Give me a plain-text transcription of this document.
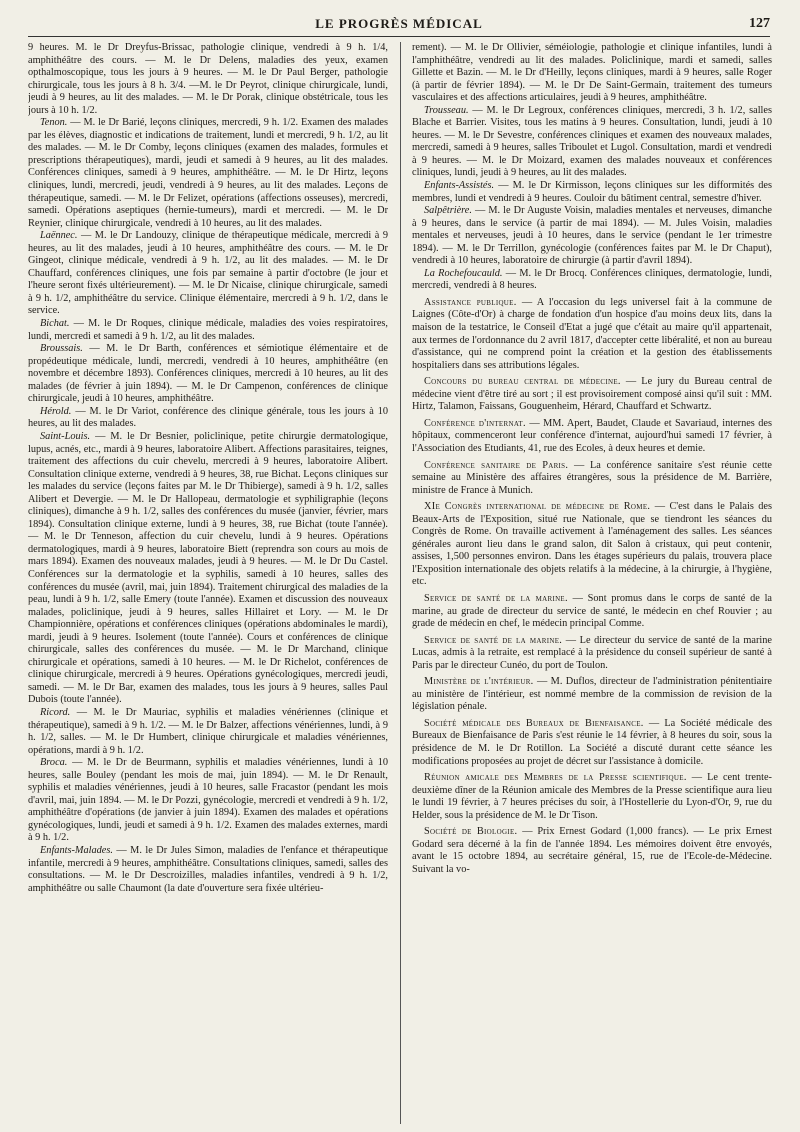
LE PROGRÈS MÉDICAL	127

9 heures. M. le Dr Dreyfus-Brissac, pathologie clinique, vendredi à 9 h. 1/4, amphithéâtre des cours. — M. le Dr Delens, maladies des yeux, examen opthalmoscopique, tous les jours à 9 heures. — M. le Dr Paul Berger, pathologie chirurgicale, tous les jours à 8 h. 3/4. —M. le Dr Peyrot, clinique chirurgicale, lundi, jeudi à 9 heures, au lit des malades. — M. le Dr Porak, clinique obstétricale, tous les jours à 10 h. 1/2.

Tenon. — M. le Dr Barié, leçons cliniques, mercredi, 9 h. 1/2. Examen des malades par les élèves, diagnostic et indications de traitement, lundi et mercredi, 9 h. 1/2, au lit des malades. — M. le Dr Comby, leçons cliniques (examen des malades, formules et prescriptions thérapeutiques), mardi, jeudi et samedi à 9 heures, au lit des malades. Conférences cliniques, samedi à 9 heures, amphithéâtre. — M. le Dr Hirtz, leçons cliniques, lundi, mercredi, jeudi, vendredi à 9 heures, au lit des malades. Leçons de thérapeutique, samedi. — M. le Dr Felizet, opérations (affections osseuses), mercredi, samedi. Opérations aseptiques (hernie-tumeurs), mardi et mercredi. — M. le Dr Reynier, clinique chirurgicale, vendredi à 10 heures, au lit des malades.

Laënnec. — M. le Dr Landouzy, clinique de thérapeutique médicale, mercredi à 9 heures, au lit des malades, jeudi à 10 heures, amphithéâtre des cours. — M. le Dr Gingeot, clinique médicale, vendredi à 9 h. 1/2, au lit des malades. — M. le Dr Chauffard, conférences cliniques, une fois par semaine à partir d'octobre (le jour et l'heure seront fixés ultérieurement). — M. le Dr Nicaise, clinique chirurgicale, samedi à 9 h. 1/2, amphithéâtre du service. Clinique élémentaire, mercredi à 9 h. 1/2, dans le service.

Bichat. — M. le Dr Roques, clinique médicale, maladies des voies respiratoires, lundi, mercredi et samedi à 9 h. 1/2, au lit des malades.

Broussais. — M. le Dr Barth, conférences et sémiotique élémentaire et de propédeutique médicale, lundi, mercredi, vendredi à 10 heures, amphithéâtre (en novembre et décembre 1893). Conférences cliniques, mercredi à 10 heures, au lit des malades (de février à juin 1894). — M. le Dr Campenon, conférences de clinique chirurgicale, jeudi à 10 heures, amphithéâtre.

Hérold. — M. le Dr Variot, conférence des clinique générale, tous les jours à 10 heures, au lit des malades.

Saint-Louis. — M. le Dr Besnier, policlinique, petite chirurgie dermatologique, lupus, acnés, etc., mardi à 9 heures, laboratoire Alibert. Affections parasitaires, teignes, traitement des affections du cuir chevelu, mercredi à 9 heures, laboratoire Alibert. Consultation clinique externe, vendredi à 9 heures, 38, rue Bichat. Leçons cliniques sur les malades du service (leçons faites par M. le Dr Thibierge), samedi à 9 h. 1/2, salles Alibert et Devergie. — M. le Dr Hallopeau, dermatologie et syphiligraphie (leçons cliniques), dimanche à 9 h. 1/2, salles des conférences du musée (janvier, février, mars 1894). Consultation clinique externe, lundi à 9 heures, 38, rue Bichat (toute l'année). — M. le Dr Tenneson, affection du cuir chevelu, lundi à 9 heures. Opérations dermatologiques, mardi à 9 heures, laboratoire Biett (reprendra son cours au mois de mars 1894). Examen des nouveaux malades, jeudi à 9 heures. — M. le Dr Du Castel. Conférences sur la dermatologie et la syphilis, samedi à 10 heures, salles des conférences du musée (avril, mai, juin 1894). Traitement chirurgical des maladies de la peau, lundi à 9 h. 1/2, salle Emery (toute l'année). Examen et discussion des nouveaux malades, policlinique, jeudi à 9 heures, salles Hillairet et Lory. — M. le Dr Championnière, opérations et conférences cliniques (opérations abdominales le mardi), mardi, jeudi à 9 heures. Isolement (toute l'année). Cours et conférences de clinique chirurgicale, salles des conférences du musée. — M. le Dr Marchand, clinique chirurgicale et opérations, samedi à 10 heures. — M. le Dr Richelot, conférences de clinique chirurgicale, mercredi à 9 heures. Opérations gynécologiques, mercredi jeudi, samedi. — M. le Dr Bar, examen des malades, tous les jours à 9 heures, salles Paul Dubois (toute l'année).

Ricord. — M. le Dr Mauriac, syphilis et maladies vénériennes (clinique et thérapeutique), samedi à 9 h. 1/2. — M. le Dr Balzer, affections vénériennes, lundi, à 9 h. 1/2, salles. — M. le Dr Humbert, clinique chirurgicale et maladies vénériennes, opérations, mardi à 9 h. 1/2.

Broca. — M. le Dr de Beurmann, syphilis et maladies vénériennes, lundi à 10 heures, salle Bouley (pendant les mois de mai, juin 1894). — M. le Dr Renault, syphilis et maladies vénériennes, jeudi à 10 heures, salle Fracastor (pendant les mois d'avril, mai, juin 1894. — M. le Dr Pozzi, gynécologie, mercredi et vendredi à 9 h. 1/2, amphithéâtre d'opérations (de janvier à juin 1894). Examen des malades et opérations gynécologiques, lundi, jeudi et samedi à 9 h. 1/2. Examen des malades externes, mardi à 9 h. 1/2.

Enfants-Malades. — M. le Dr Jules Simon, maladies de l'enfance et thérapeutique infantile, mercredi à 9 heures, amphithéâtre. Consultations cliniques, samedi, salles des consultations. — M. le Dr Descroizilles, maladies infantiles, vendredi à 9 h. 1/2, amphithéâtre ou salle Chaumont (la date d'ouverture sera fixée ultérieu-

rement). — M. le Dr Ollivier, séméiologie, pathologie et clinique infantiles, lundi à l'amphithéâtre, vendredi au lit des malades. Policlinique, mardi et samedi, salles Gillette et Bazin. — M. le Dr d'Heilly, leçons cliniques, mardi à 9 heures, salle Roger (à partir de février 1894). — M. le Dr De Saint-Germain, traitement des tumeurs vasculaires et des affections articulaires, jeudi à 9 heures, amphithéâtre.

Trousseau. — M. le Dr Legroux, conférences cliniques, mercredi, 3 h. 1/2, salles Blache et Barrier. Visites, tous les matins à 9 heures. Consultation, lundi, jeudi à 10 heures. — M. le Dr Sevestre, conférences cliniques et examen des nouveaux malades, mercredi, samedi à 9 heures, salles Triboulet et Lugol. Consultation, mardi et vendredi à 9 heures. — M. le Dr Moizard, examen des malades nouveaux et conférences cliniques, lundi, jeudi à 9 heures, au lit des malades.

Enfants-Assistés. — M. le Dr Kirmisson, leçons cliniques sur les difformités des membres, lundi et vendredi à 9 heures. Couloir du bâtiment central, semestre d'hiver.

Salpêtrière. — M. le Dr Auguste Voisin, maladies mentales et nerveuses, dimanche à 9 heures, dans le service (à partir de mai 1894). — M. Jules Voisin, maladies mentales et nerveuses, jeudi à 10 heures, dans le service (pendant le 1er trimestre 1894). — M. le Dr Terrillon, gynécologie (conférences faites par M. le Dr Chaput), vendredi à 10 heures, laboratoire de chirurgie (à partir d'avril 1894).

La Rochefoucauld. — M. le Dr Brocq. Conférences cliniques, dermatologie, lundi, mercredi, vendredi à 8 heures.

Assistance publique. — A l'occasion du legs universel fait à la commune de Laignes (Côte-d'Or) à charge de fondation d'un hospice d'au moins deux lits, dans la maison de la testatrice, le Conseil d'Etat a jugé que c'était au maire qu'il appartenait, aux termes de l'ordonnance du 2 avril 1817, d'accepter cette libéralité, et non au bureau d'assistance, qui ne comprend point la création et la gestion des établissements hospitaliers dans ses attributions légales.

Concours du bureau central de médecine. — Le jury du Bureau central de médecine vient d'être tiré au sort ; il est provisoirement composé ainsi qu'il suit : MM. Hirtz, Talamon, Faissans, Gouguenheim, Hérard, Chauffard et Schwartz.

Conférence d'internat. — MM. Apert, Baudet, Claude et Savariaud, internes des hôpitaux, commenceront leur conférence d'internat, aujourd'hui samedi 17 février, à l'Association des Etudiants, 41, rue des Ecoles, à deux heures et demie.

Conférence sanitaire de Paris. — La conférence sanitaire s'est réunie cette semaine au Ministère des affaires étrangères, sous la présidence de M. Barrière, ministre de France à Munich.

XIe Congrès international de médecine de Rome. — C'est dans le Palais des Beaux-Arts de l'Exposition, situé rue Nationale, que se tiendront les séances du Congrès de Rome. On travaille activement à l'aménagement des salles. Les séances générales auront lieu dans le grand salon, dit Salon à cristaux, qui peut contenir, assises, 1,500 personnes environ. Dans les étages supérieurs du palais, trouvera place l'Exposition internationale des objets relatifs à la médecine, à la chirurgie, à l'hygiène, etc.

Service de santé de la marine. — Sont promus dans le corps de santé de la marine, au grade de directeur du service de santé, le médecin en chef Rouvier ; au grade de médecin en chef, le médecin principal Comme.

Service de santé de la marine. — Le directeur du service de santé de la marine Lucas, admis à la retraite, est remplacé à la présidence du conseil supérieur de santé à Paris par le directeur Cunéo, du port de Toulon.

Ministère de l'intérieur. — M. Duflos, directeur de l'administration pénitentiaire au ministère de l'intérieur, est nommé membre de la commission de revision de la législation pénale.

Société médicale des Bureaux de Bienfaisance. — La Société médicale des Bureaux de Bienfaisance de Paris s'est réunie le 14 février, à 8 heures du soir, sous la présidence de M. le Dr Rotillon. La Société a discuté durant cette séance les modifications proposées au projet de décret sur l'assistance à domicile.

Réunion amicale des Membres de la Presse scientifique. — Le cent trente-deuxième dîner de la Réunion amicale des Membres de la Presse scientifique aura lieu le lundi 19 février, à 7 heures précises du soir, à l'Hostellerie du Lyon-d'Or, 9, rue du Helder, sous la présidence de M. le Dr Tison.

Société de Biologie. — Prix Ernest Godard (1,000 francs). — Le prix Ernest Godard sera décerné à la fin de l'année 1894. Les mémoires doivent être envoyés, avant le 15 octobre 1894, au secrétaire général, 15, rue de l'Ecole-de-Médecine. Suivant la vo-
